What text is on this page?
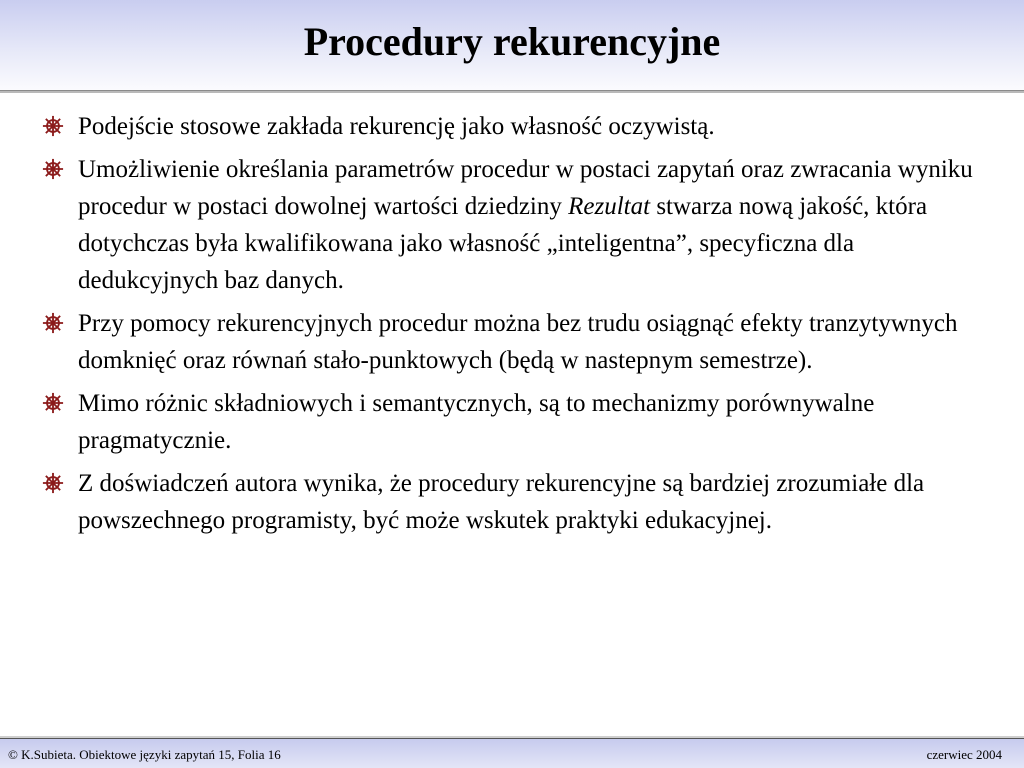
Procedury rekurencyjne
Podejście stosowe zakłada rekurencję jako własność oczywistą.
Umożliwienie określania parametrów procedur w postaci zapytań oraz zwracania wyniku procedur w postaci dowolnej wartości dziedziny Rezultat stwarza nową jakość, która dotychczas była kwalifikowana jako własność „inteligentna”, specyficzna dla dedukcyjnych baz danych.
Przy pomocy rekurencyjnych procedur można bez trudu osiągnąć efekty tranzytywnych domknięć oraz równań stało-punktowych (będą w nastepnym semestrze).
Mimo różnic składniowych i semantycznych, są to mechanizmy porównywalne pragmatycznie.
Z doświadczeń autora wynika, że procedury rekurencyjne są bardziej zrozumiałe dla powszechnego programisty, być może wskutek praktyki edukacyjnej.
© K.Subieta. Obiektowe języki zapytań 15, Folia 16	czerwiec 2004
